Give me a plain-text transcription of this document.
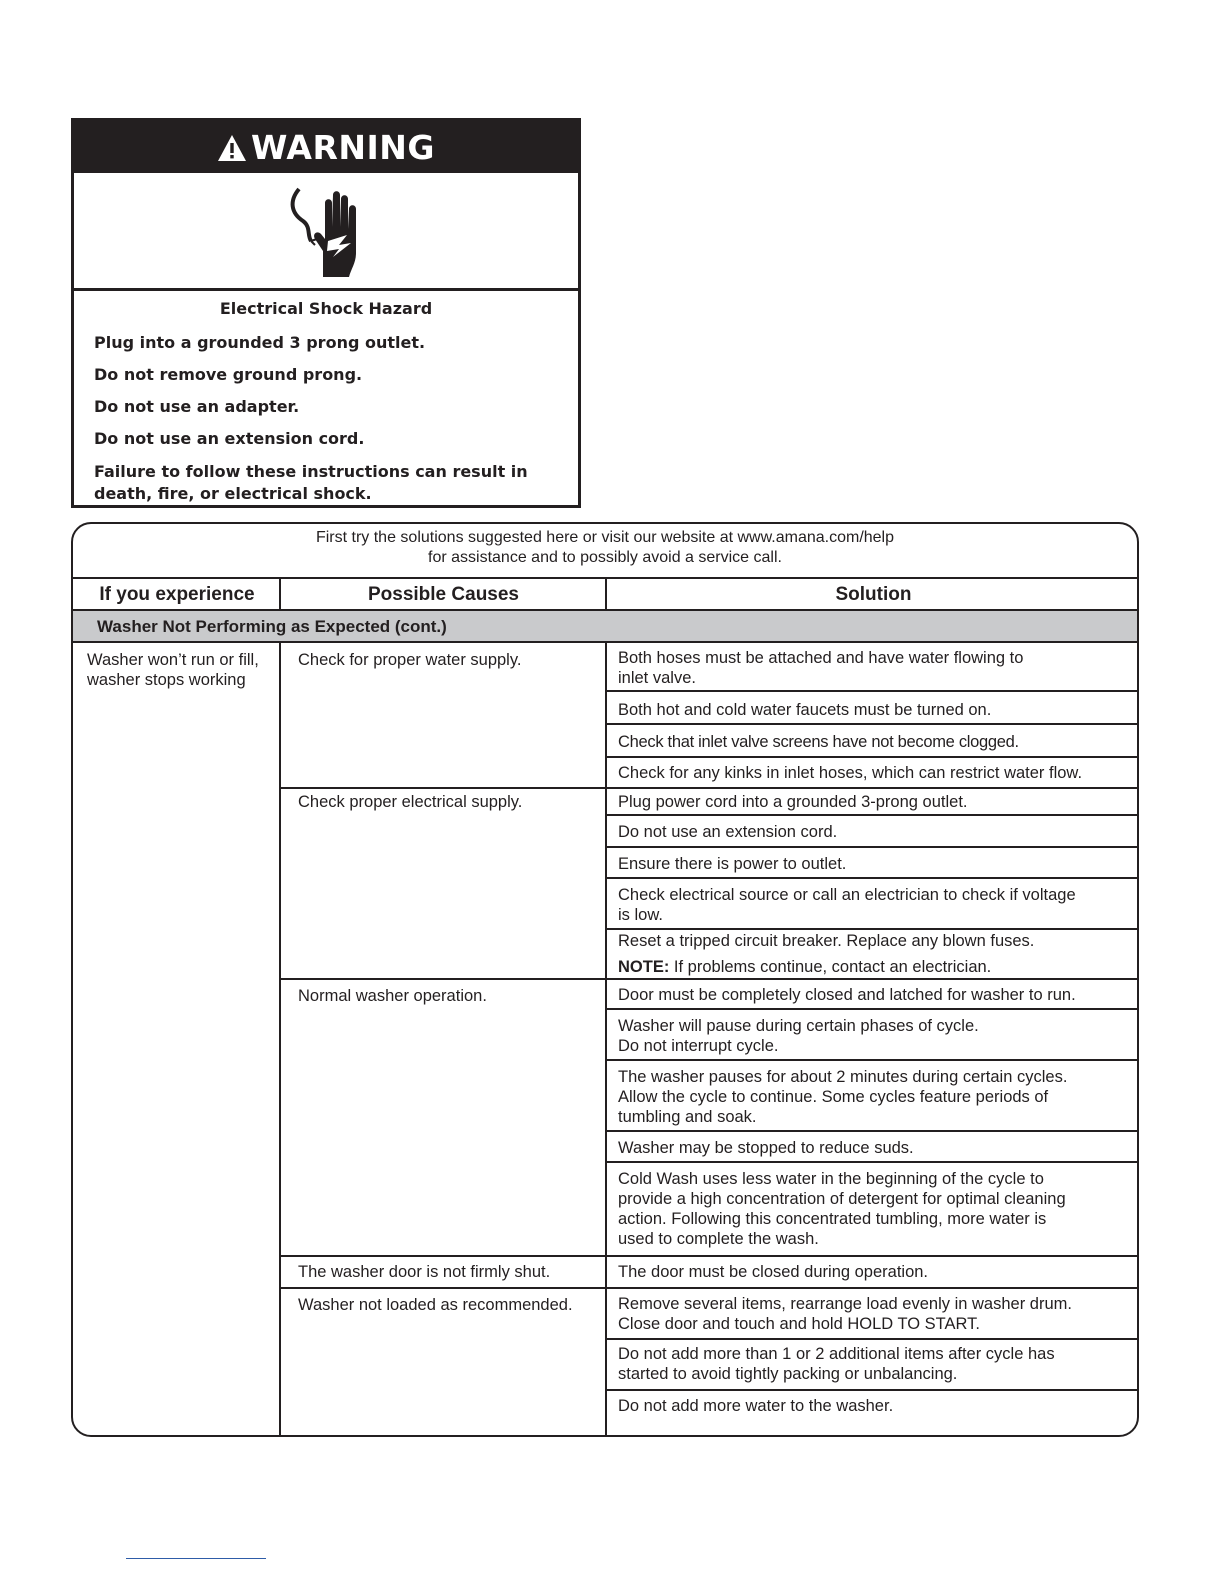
WARNING
Electrical Shock Hazard

Plug into a grounded 3 prong outlet.

Do not remove ground prong.

Do not use an adapter.

Do not use an extension cord.

Failure to follow these instructions can result in death, fire, or electrical shock.

First try the solutions suggested here or visit our website at www.amana.com/help
for assistance and to possibly avoid a service call.
If you experience	Possible Causes	Solution
Washer Not Performing as Expected (cont.)
Washer won’t run or fill,
washer stops working
Check for proper water supply.
Check proper electrical supply.
Normal washer operation.
The washer door is not firmly shut.
Washer not loaded as recommended.
Both hoses must be attached and have water flowing to
inlet valve.
Both hot and cold water faucets must be turned on.
Check that inlet valve screens have not become clogged.
Check for any kinks in inlet hoses, which can restrict water flow.
Plug power cord into a grounded 3-prong outlet.
Do not use an extension cord.
Ensure there is power to outlet.
Check electrical source or call an electrician to check if voltage
is low.
Reset a tripped circuit breaker. Replace any blown fuses.
NOTE: If problems continue, contact an electrician.
Door must be completely closed and latched for washer to run.
Washer will pause during certain phases of cycle.
Do not interrupt cycle.
The washer pauses for about 2 minutes during certain cycles.
Allow the cycle to continue. Some cycles feature periods of
tumbling and soak.
Washer may be stopped to reduce suds.
Cold Wash uses less water in the beginning of the cycle to
provide a high concentration of detergent for optimal cleaning
action. Following this concentrated tumbling, more water is
used to complete the wash.
The door must be closed during operation.
Remove several items, rearrange load evenly in washer drum.
Close door and touch and hold HOLD TO START.
Do not add more than 1 or 2 additional items after cycle has
started to avoid tightly packing or unbalancing.
Do not add more water to the washer.
